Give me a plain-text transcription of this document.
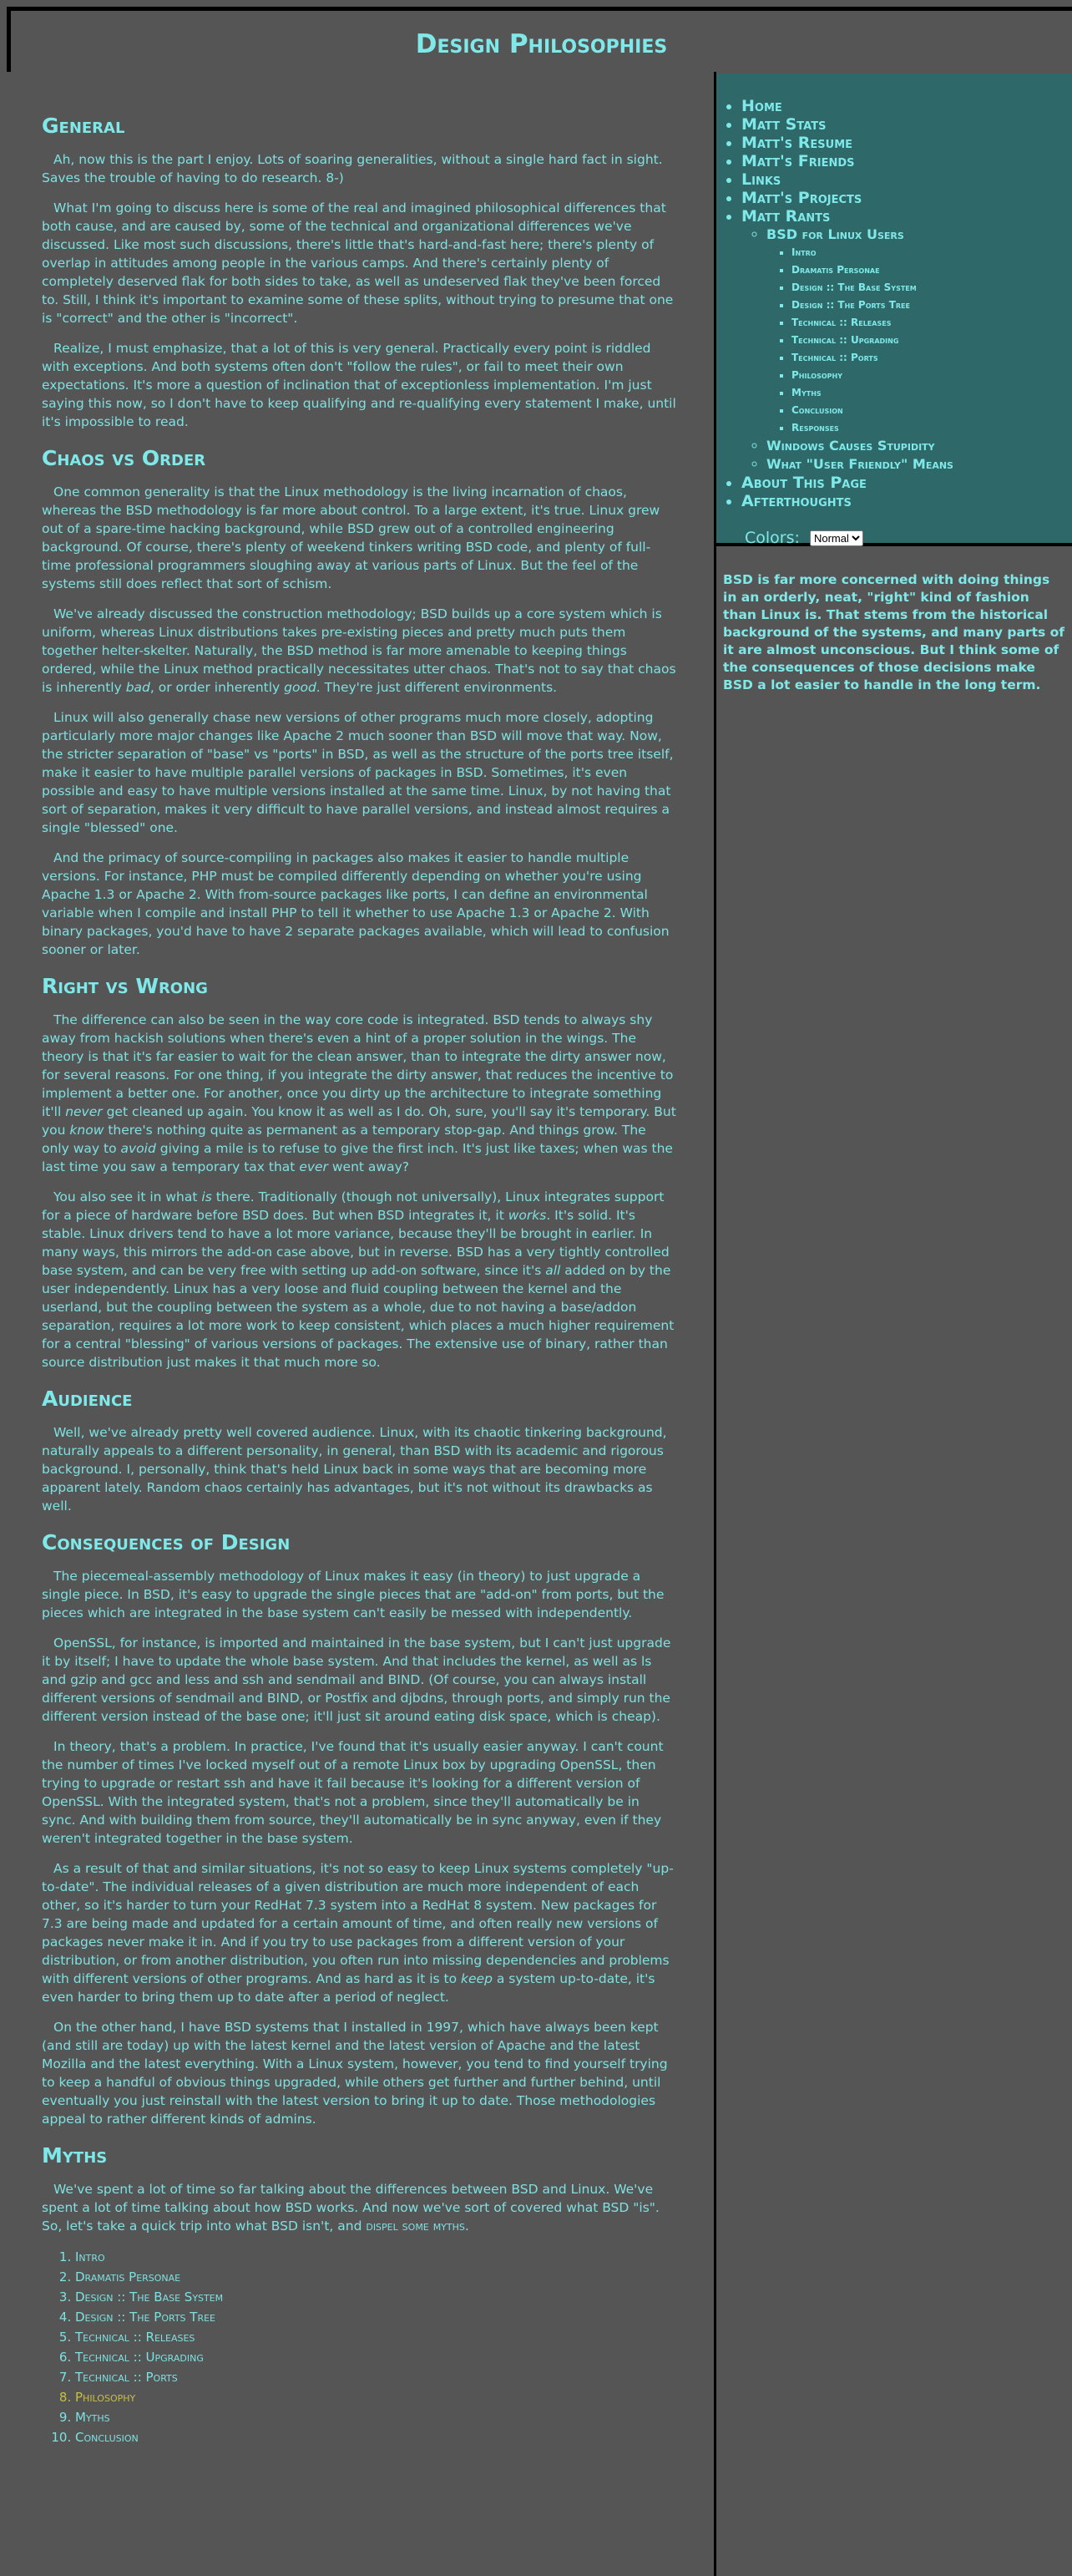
Design Philosophies
General

Ah, now this is the part I enjoy. Lots of soaring generalities, without a single hard fact in sight. Saves the trouble of having to do research. 8-)

What I'm going to discuss here is some of the real and imagined philosophical differences that both cause, and are caused by, some of the technical and organizational differences we've discussed. Like most such discussions, there's little that's hard-and-fast here; there's plenty of overlap in attitudes among people in the various camps. And there's certainly plenty of completely deserved flak for both sides to take, as well as undeserved flak they've been forced to. Still, I think it's important to examine some of these splits, without trying to presume that one is "correct" and the other is "incorrect".

Realize, I must emphasize, that a lot of this is very general. Practically every point is riddled with exceptions. And both systems often don't "follow the rules", or fail to meet their own expectations. It's more a question of inclination that of exceptionless implementation. I'm just saying this now, so I don't have to keep qualifying and re-qualifying every statement I make, until it's impossible to read.

Chaos vs Order

One common generality is that the Linux methodology is the living incarnation of chaos, whereas the BSD methodology is far more about control. To a large extent, it's true. Linux grew out of a spare-time hacking background, while BSD grew out of a controlled engineering background. Of course, there's plenty of weekend tinkers writing BSD code, and plenty of full-time professional programmers sloughing away at various parts of Linux. But the feel of the systems still does reflect that sort of schism.

We've already discussed the construction methodology; BSD builds up a core system which is uniform, whereas Linux distributions takes pre-existing pieces and pretty much puts them together helter-skelter. Naturally, the BSD method is far more amenable to keeping things ordered, while the Linux method practically necessitates utter chaos. That's not to say that chaos is inherently bad, or order inherently good. They're just different environments.

Linux will also generally chase new versions of other programs much more closely, adopting particularly more major changes like Apache 2 much sooner than BSD will move that way. Now, the stricter separation of "base" vs "ports" in BSD, as well as the structure of the ports tree itself, make it easier to have multiple parallel versions of packages in BSD. Sometimes, it's even possible and easy to have multiple versions installed at the same time. Linux, by not having that sort of separation, makes it very difficult to have parallel versions, and instead almost requires a single "blessed" one.

And the primacy of source-compiling in packages also makes it easier to handle multiple versions. For instance, PHP must be compiled differently depending on whether you're using Apache 1.3 or Apache 2. With from-source packages like ports, I can define an environmental variable when I compile and install PHP to tell it whether to use Apache 1.3 or Apache 2. With binary packages, you'd have to have 2 separate packages available, which will lead to confusion sooner or later.

Right vs Wrong

The difference can also be seen in the way core code is integrated. BSD tends to always shy away from hackish solutions when there's even a hint of a proper solution in the wings. The theory is that it's far easier to wait for the clean answer, than to integrate the dirty answer now, for several reasons. For one thing, if you integrate the dirty answer, that reduces the incentive to implement a better one. For another, once you dirty up the architecture to integrate something it'll never get cleaned up again. You know it as well as I do. Oh, sure, you'll say it's temporary. But you know there's nothing quite as permanent as a temporary stop-gap. And things grow. The only way to avoid giving a mile is to refuse to give the first inch. It's just like taxes; when was the last time you saw a temporary tax that ever went away?

You also see it in what is there. Traditionally (though not universally), Linux integrates support for a piece of hardware before BSD does. But when BSD integrates it, it works. It's solid. It's stable. Linux drivers tend to have a lot more variance, because they'll be brought in earlier. In many ways, this mirrors the add-on case above, but in reverse. BSD has a very tightly controlled base system, and can be very free with setting up add-on software, since it's all added on by the user independently. Linux has a very loose and fluid coupling between the kernel and the userland, but the coupling between the system as a whole, due to not having a base/addon separation, requires a lot more work to keep consistent, which places a much higher requirement for a central "blessing" of various versions of packages. The extensive use of binary, rather than source distribution just makes it that much more so.

Audience

Well, we've already pretty well covered audience. Linux, with its chaotic tinkering background, naturally appeals to a different personality, in general, than BSD with its academic and rigorous background. I, personally, think that's held Linux back in some ways that are becoming more apparent lately. Random chaos certainly has advantages, but it's not without its drawbacks as well.

Consequences of Design

The piecemeal-assembly methodology of Linux makes it easy (in theory) to just upgrade a single piece. In BSD, it's easy to upgrade the single pieces that are "add-on" from ports, but the pieces which are integrated in the base system can't easily be messed with independently.

OpenSSL, for instance, is imported and maintained in the base system, but I can't just upgrade it by itself; I have to update the whole base system. And that includes the kernel, as well as ls and gzip and gcc and less and ssh and sendmail and BIND. (Of course, you can always install different versions of sendmail and BIND, or Postfix and djbdns, through ports, and simply run the different version instead of the base one; it'll just sit around eating disk space, which is cheap).

In theory, that's a problem. In practice, I've found that it's usually easier anyway. I can't count the number of times I've locked myself out of a remote Linux box by upgrading OpenSSL, then trying to upgrade or restart ssh and have it fail because it's looking for a different version of OpenSSL. With the integrated system, that's not a problem, since they'll automatically be in sync. And with building them from source, they'll automatically be in sync anyway, even if they weren't integrated together in the base system.

As a result of that and similar situations, it's not so easy to keep Linux systems completely "up-to-date". The individual releases of a given distribution are much more independent of each other, so it's harder to turn your RedHat 7.3 system into a RedHat 8 system. New packages for 7.3 are being made and updated for a certain amount of time, and often really new versions of packages never make it in. And if you try to use packages from a different version of your distribution, or from another distribution, you often run into missing dependencies and problems with different versions of other programs. And as hard as it is to keep a system up-to-date, it's even harder to bring them up to date after a period of neglect.

On the other hand, I have BSD systems that I installed in 1997, which have always been kept (and still are today) up with the latest kernel and the latest version of Apache and the latest Mozilla and the latest everything. With a Linux system, however, you tend to find yourself trying to keep a handful of obvious things upgraded, while others get further and further behind, until eventually you just reinstall with the latest version to bring it up to date. Those methodologies appeal to rather different kinds of admins.

Myths

We've spent a lot of time so far talking about the differences between BSD and Linux. We've spent a lot of time talking about how BSD works. And now we've sort of covered what BSD "is". So, let's take a quick trip into what BSD isn't, and dispel some myths.

1. Intro
2. Dramatis Personae
3. Design :: The Base System
4. Design :: The Ports Tree
5. Technical :: Releases
6. Technical :: Upgrading
7. Technical :: Ports
8. Philosophy
9. Myths
10. Conclusion
• Home
• Matt Stats
• Matt's Resume
• Matt's Friends
• Links
• Matt's Projects
• Matt Rants
◦ BSD for Linux Users
▪ Intro
▪ Dramatis Personae
▪ Design :: The Base System
▪ Design :: The Ports Tree
▪ Technical :: Releases
▪ Technical :: Upgrading
▪ Technical :: Ports
▪ Philosophy
▪ Myths
▪ Conclusion
▪ Responses
◦ Windows Causes Stupidity
◦ What "User Friendly" Means
• About This Page
• Afterthoughts
Colors:
Normal
BSD is far more concerned with doing things in an orderly, neat, "right" kind of fashion than Linux is. That stems from the historical background of the systems, and many parts of it are almost unconscious. But I think some of the consequences of those decisions make BSD a lot easier to handle in the long term.
